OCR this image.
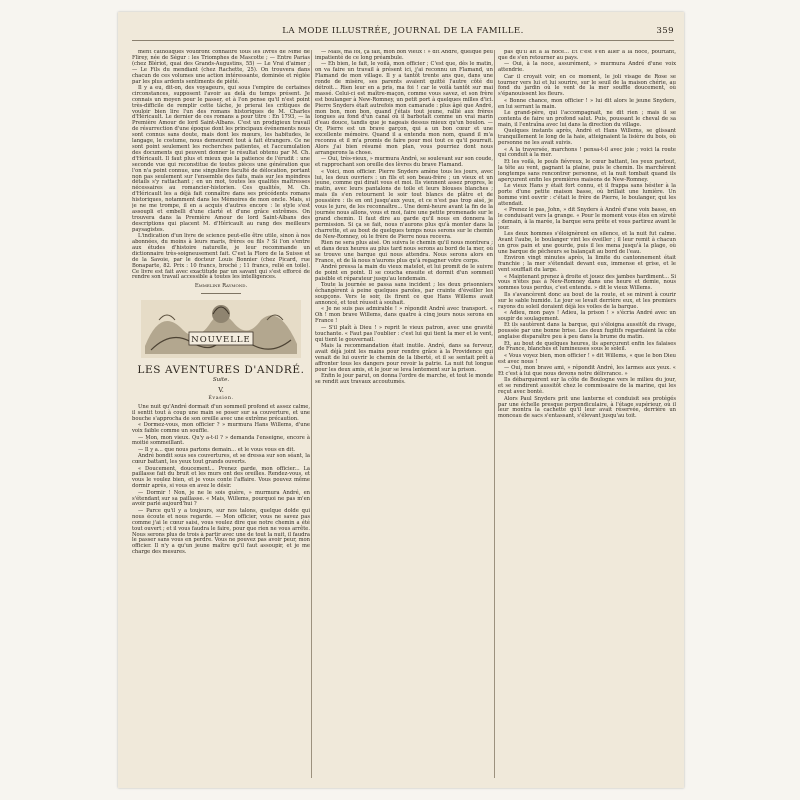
LA MODE ILLUSTRÉE, JOURNAL DE LA FAMILLE.	359

ment catholiques voudront connaître tous les livres de Mme de Flirey, née de Ségur : les Triomphes de Mascotte ; — Entre Parias (chez Blériot, quai des Grands-Augustins, 55) — Le Vrai d'aimer ; — Le Fils du mendiant (chez Rachette, 25). On trouvera dans chacun de ces volumes une action intéressante, dominée et réglée par les plus ardents sentiments de piété.

Il y a eu, dit-on, des voyageurs, qui sous l'empire de certaines circonstances, supposent l'avoir au delà du temps présent. Je connais un moyen pour le passer, et à l'on pense qu'il n'est point très-difficile de remplir cette tâche, je prierai les critiques de vouloir bien lire l'un des romans historiques de M. Charles d'Héricault. Le dernier de ces romans a pour titre : En 1793, — la Première Amour de lord Saint-Albans. C'est un prodigieux travail de résurrection d'une époque dont les principaux événements nous sont connus sans doute, mais dont les mœurs, les habitudes, le langage, le costume, nous demeurent tout à fait étrangers. Ce ne sont point seulement les recherches patientes, et l'accumulation des documents qui peuvent donner le résultat obtenu par M. Ch. d'Héricault. Il faut plus et mieux que la patience de l'érudit : une seconde vue qui reconstitue de toutes pièces une génération que l'on n'a point connue, une singulière faculté de délocation, portant non pas seulement sur l'ensemble des faits, mais sur les moindres détails s'y rattachant ; en un mot, toutes les qualités maîtresses nécessaires au romancier-historien. Ces qualités, M. Ch. d'Héricault les a déjà fait connaître dans ses précédents romans historiques, notamment dans les Mémoires de mon oncle. Mais, si je ne me trompe, il en a acquis d'autres encore : le style s'est assoupli et embelli d'une clarté et d'une grâce extrêmes. On trouvera dans la Première Amour de lord Saint-Albans des descriptions qui placent M. d'Héricault au rang des meilleurs paysagistes.

L'indication d'un livre de science peut-elle être utile, sinon à nos abonnées, du moins à leurs maris, frères ou fils ? Si l'on s'entre aux études d'histoire naturelle, je leur recommande un dictionnaire très-soigneusement fait. C'est la Flore de la Suisse et de la Savoie, par le docteur Louis Bonnier (chez Picard, rue Bonaparte, 82. Prix : 10 francs, broché ; 11 francs, relié en toile). Ce livre est fait avec exactitude par un savant qui s'est efforcé de rendre son travail accessible à toutes les intelligences.

Emmeline Raymond.

NOUVELLE
LES AVENTURES D'ANDRÉ.
Suite.
V.
Évasion.

Une nuit qu'André dormait d'un sommeil profond et assez calme, il sentit tout à coup une main se poser sur sa couverture, et une bouche s'approcha de son oreille avec une extrême précaution.

« Dormez-vous, mon officier ? » murmura Hans Willems, d'une voix faible comme un souffle.

— Mon, mon vieux. Qu'y a-t-il ? » demanda l'enseigne, encore à moitié sommeillant.

— Il y a... que nous partons demain... et le vous vous en dit.

André bondit sous ses couvertures, et se dressa sur son séant, la cœur battant, les yeux tout grands ouverts.

« Doucement, doucement... Prenez garde, mon officier... La paillasse fait du bruit et les murs ont des oreilles. Rendez-vous, et vous le voulez bien, et je vous conte l'affaire. Vous pouvez même dormir après, si vous en avez le désir.

— Dormir ! Non, je ne le sois guère, » murmura André, en s'étendant sur sa paillasse. « Mais, Willems, pourquoi ne pas m'en avoir parlé aujourd'hui ?

— Parce qu'il y a toujours, sur nos talons, quelque dolde qui nous écoute et nous regarde. — Mon officier, vous ne savez pas comme j'ai le cœur saisi, vous voulez dire que notre chemin a été tout ouvert ; et il vous faudra le faire, pour que rien ne vous arrête. Nous serons plus de trois à partir avec une de tout la nuit, il faudra le passer sans vous en perdre. Vous ne pouvez pas avoir peur, mon officier. Il n'y a qu'un jeune maître qu'il faut assoupir, et je me charge des mesures.

— Mais, ma foi, ça fait, mon bon vieux ! » dit André, quelque peu impatienté de ce long préambule.

— Eh bien, le fait, le voilà, mon officier ; C'est que, dès le matin, on va faire un travail à présent ici, j'ai reconnu un Flamand, un Flamand de mon village. Il y a tantôt trente ans que, dans une ronde de misère, ses parents avaient quitté l'autre côté du détroit... Rien leur en a pris, ma foi ! car le voilà tantôt sur mai massé. Celui-ci est maître-maçon, comme vous savez, et son frère est boulanger à New-Romney, un petit port à quelques milles d'ici. Pierre Snyders était autrefois mon camarade : plus âgé que André, mon bon, mon bon, quand j'étais tout jeune, rallié aux frères longues au fond d'un canal où il barbotait comme un vrai marin d'eau douce, tandis que je nageais dessus mieux qu'un boulon. — Or, Pierre est un brave garçon, qui a un bon cœur et une excellente mémoire. Quand il a entendu mon nom, quand il m'a reconnu et il m'a promis de faire pour moi tout ce qu'il pourrait. Alors j'ai bien résumé mon plan, vous pourriez dont nous arrangerons la chose.

— Oui, très-vieux, » murmura André, se soulevant sur son coude, et rapprochant son oreille des lèvres du brave Flamand.

« Voici, mon officier. Pierre Snyders amène tous les jours, avec lui, les deux ouvriers : un fils et son beau-frère ; un vieux et un jeune, comme qui dirait vous et moi. Ils viennent assez propres, le matin, avec leurs pantalons de toile et leurs blouses blanches ; mais ils s'en retournent le soir tout blancs de plâtre et de poussière : ils en ont jusqu'aux yeux, et ce n'est pas trop aisé, je vous le jure, de les reconnaître... Une demi-heure avant la fin de la journée nous allons, vous et moi, faire une petite promenade sur le grand chemin. Il faut dire au garde qu'il nous en donnera la permission. Si ça se fait, nous n'aurons plus qu'à monter dans la charrette, et au bout de quelques temps nous serons sur le chemin de New-Romney, où le frère de Pierre nous recevra.

Rien ne sera plus aisé. On suivra le chemin qu'il nous montrera ; et dans deux heures au plus tard nous serons au bord de la mer, où se trouve une barque qui nous attendra. Nous serons alors en France, et de là nous n'aurons plus qu'à regagner votre corps.

André pressa la main du vieux matelot, et lui promit de le suivre de point en point. Il se coucha ensuite et dormit d'un sommeil paisible et réparateur jusqu'au lendemain.

Toute la journée se passa sans incident ; les deux prisonniers échangèrent à peine quelques paroles, par crainte d'éveiller les soupçons. Vers le soir, ils firent ce que Hans Willems avait annoncé, et tout réussit à souhait.

« Je ne suis pas admirable ! » répondit André avec transport. « Oh ! mon brave Willems, dans quatre à cinq jours nous serons en France !

— S'il plaît à Dieu ! » reprit le vieux patron, avec une gravité touchante. « Faut pas l'oublier : c'est lui qui tient la mer et le vent, qui tient le gouvernail.

Mais la recommandation était inutile. André, dans sa ferveur, avait déjà joint les mains pour rendre grâce à la Providence qui venait de lui ouvrir le chemin de la liberté, et il se sentait prêt à affronter tous les dangers pour revoir la patrie. La nuit fut longue pour les deux amis, et le jour se leva lentement sur la prison.

Enfin le jour parut, on donna l'ordre de marche, et tout le monde se rendit aux travaux accoutumés.

pas qu'il ait à la noce... Et c'est s'en aller à la noce, pourtant, que de s'en retourner au pays.

— Oui, à la noce, assurément, » murmura André d'une voix attendrie.

Car il croyait voir, en ce moment, le joli visage de Rose se tourner vers lui et lui sourire, sur le seuil de la maison chérie, au fond du jardin où le vent de la mer souffle doucement, où s'épanouissent les fleurs.

« Bonne chance, mon officier ! » lui dit alors le jeune Snyders, en lui serrant la main.

Le grand-père, qui l'accompagnait, ne dit rien ; mais il se contenta de faire un profond salut. Puis, poussant le cheval de sa main, il l'entraîna avec lui dans la direction du village.

Quelques instants après, André et Hans Willems, se glissant tranquillement le long de la haie, atteignaient la lisière du bois, où personne ne les avait suivis.

« A la traversée, marchons ! pensa-t-il avec joie ; voici la route qui conduit à la mer.

Et les voilà, le pouls fiévreux, le cœur battant, les yeux partout, la tête au vent, gagnant la plaine, puis le chemin. Ils marchèrent longtemps sans rencontrer personne, et la nuit tombait quand ils aperçurent enfin les premières maisons de New-Romney.

Le vieux Hans y était fort connu, et il frappa sans hésiter à la porte d'une petite maison basse, où brillait une lumière. Un homme vint ouvrir : c'était le frère de Pierre, le boulanger, qui les attendait.

« Prenez le pas, John, » dit Snyders à André d'une voix basse, en le conduisant vers la grange. « Pour le moment vous êtes en sûreté ; demain, à la marée, la barque sera prête et vous partirez avant le jour.

Les deux hommes s'éloignèrent en silence, et la nuit fut calme. Avant l'aube, le boulanger vint les éveiller ; il leur remit à chacun un gros pain et une gourde, puis il les mena jusqu'à la plage, où une barque de pêcheurs se balançait au bord de l'eau.

Environ vingt minutes après, la limite du cantonnement était franchie ; la mer s'étendait devant eux, immense et grise, et le vent soufflait du large.

« Maintenant prenez à droite et jouez des jambes hardiment... Si vous n'êtes pas à New-Romney dans une heure et demie, nous sommes tous perdus, c'est entendu. » dit le vieux Willems.

Ils s'avancèrent donc au bout de la route, et se mirent à courir sur le sable humide. Le jour se levait derrière eux, et les premiers rayons du soleil doraient déjà les voiles de la barque.

« Adieu, mon pays ! Adieu, la prison ! » s'écria André avec un soupir de soulagement.

Et ils sautèrent dans la barque, qui s'éloigna aussitôt du rivage, poussée par une bonne brise. Les deux fugitifs regardaient la côte anglaise disparaître peu à peu dans la brume du matin.

Et, au bout de quelques heures, ils aperçurent enfin les falaises de France, blanches et lumineuses sous le soleil.

« Vous voyez bien, mon officier ! » dit Willems, « que le bon Dieu est avec nous !

— Oui, mon brave ami, » répondit André, les larmes aux yeux. « Et c'est à lui que nous devons notre délivrance. »

Ils débarquèrent sur la côte de Boulogne vers le milieu du jour, et se rendirent aussitôt chez le commissaire de la marine, qui les reçut avec bonté.

Alors Paul Snyders prit une lanterne et conduisit ses protégés par une échelle presque perpendiculaire, à l'étage supérieur, où il leur montra la cachette qu'il leur avait réservée, derrière un monceau de sacs s'entassant, s'élevant jusqu'au toit.
